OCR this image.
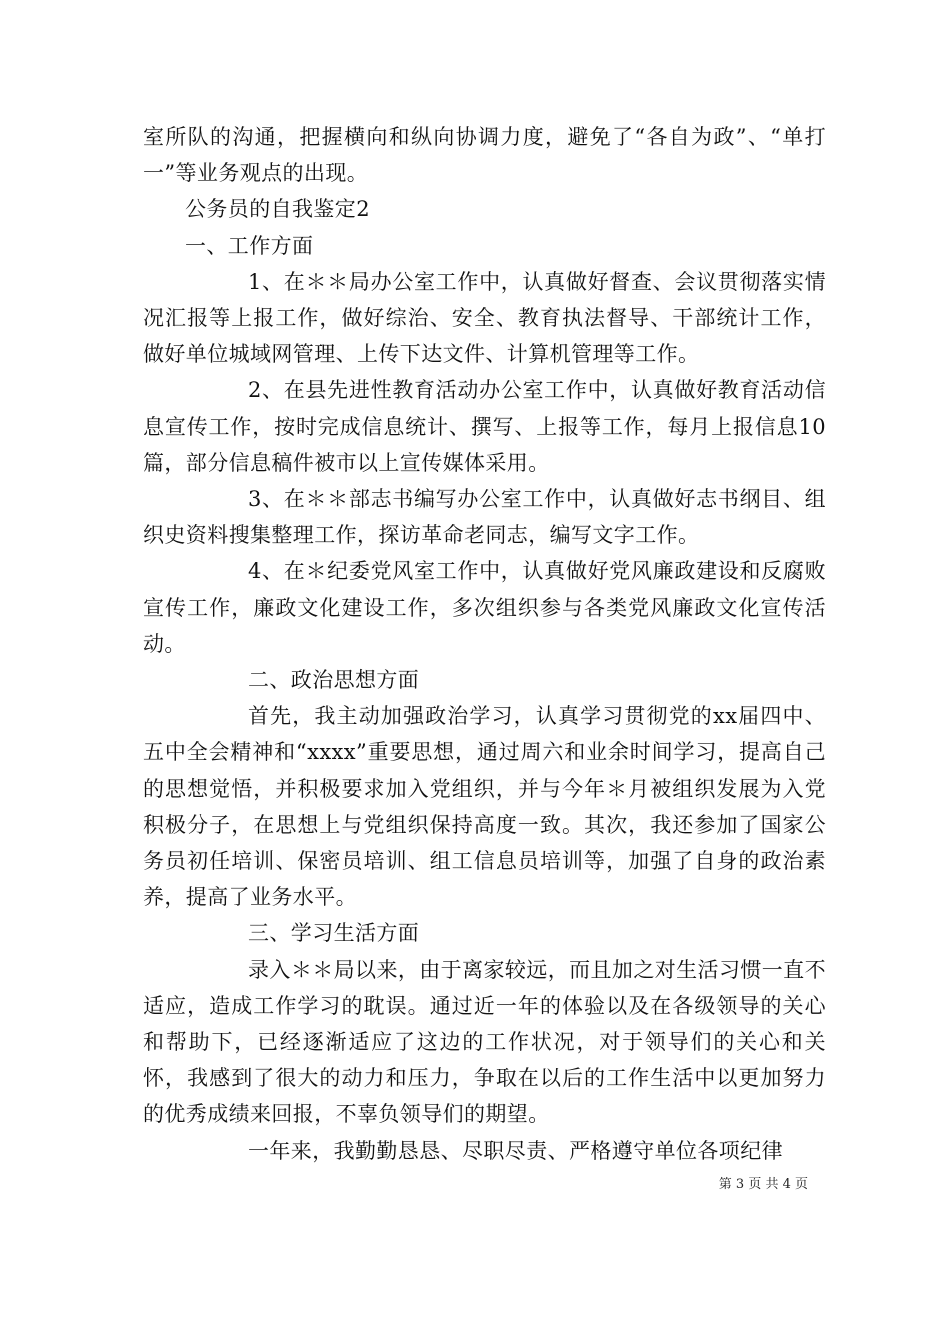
室所队的沟通，把握横向和纵向协调力度，避免了“各自为政”、“单打一”等业务观点的出现。

公务员的自我鉴定2

一、工作方面

1、在＊＊局办公室工作中，认真做好督查、会议贯彻落实情况汇报等上报工作，做好综治、安全、教育执法督导、干部统计工作，做好单位城域网管理、上传下达文件、计算机管理等工作。

2、在县先进性教育活动办公室工作中，认真做好教育活动信息宣传工作，按时完成信息统计、撰写、上报等工作，每月上报信息10篇，部分信息稿件被市以上宣传媒体采用。

3、在＊＊部志书编写办公室工作中，认真做好志书纲目、组织史资料搜集整理工作，探访革命老同志，编写文字工作。

4、在＊纪委党风室工作中，认真做好党风廉政建设和反腐败宣传工作，廉政文化建设工作，多次组织参与各类党风廉政文化宣传活动。

二、政治思想方面

首先，我主动加强政治学习，认真学习贯彻党的xx届四中、五中全会精神和“xxxx”重要思想，通过周六和业余时间学习，提高自己的思想觉悟，并积极要求加入党组织，并与今年＊月被组织发展为入党积极分子，在思想上与党组织保持高度一致。其次，我还参加了国家公务员初任培训、保密员培训、组工信息员培训等，加强了自身的政治素养，提高了业务水平。

三、学习生活方面

录入＊＊局以来，由于离家较远，而且加之对生活习惯一直不适应，造成工作学习的耽误。通过近一年的体验以及在各级领导的关心和帮助下，已经逐渐适应了这边的工作状况，对于领导们的关心和关怀，我感到了很大的动力和压力，争取在以后的工作生活中以更加努力的优秀成绩来回报，不辜负领导们的期望。

一年来，我勤勤恳恳、尽职尽责、严格遵守单位各项纪律

第 3 页 共 4 页
